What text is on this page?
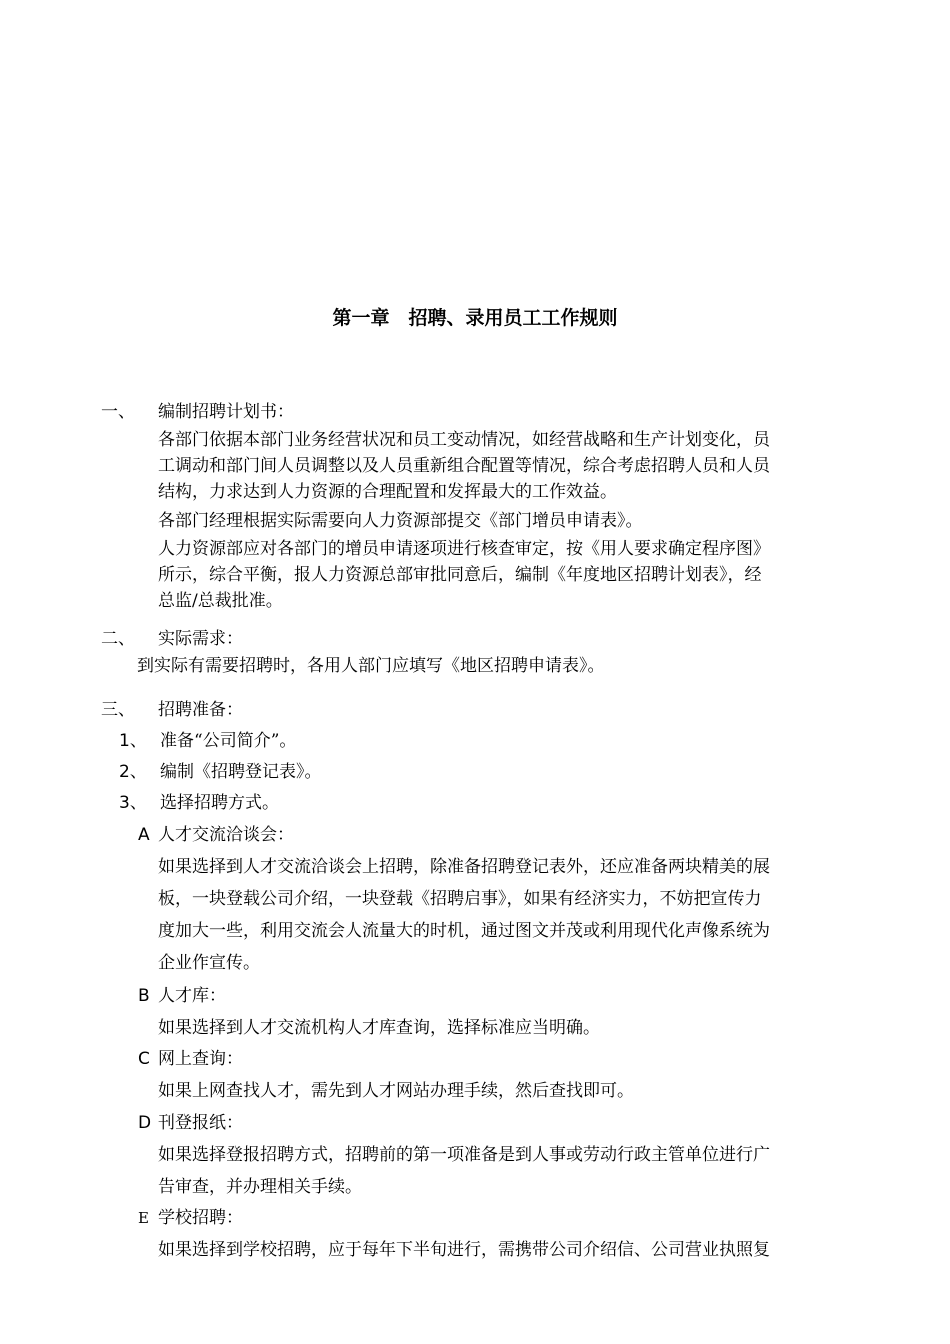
第一章　招聘、录用员工工作规则
一、 编制招聘计划书：

各部门依据本部门业务经营状况和员工变动情况，如经营战略和生产计划变化，员

工调动和部门间人员调整以及人员重新组合配置等情况，综合考虑招聘人员和人员

结构，力求达到人力资源的合理配置和发挥最大的工作效益。

各部门经理根据实际需要向人力资源部提交《部门增员申请表》。

人力资源部应对各部门的增员申请逐项进行核查审定，按《用人要求确定程序图》

所示，综合平衡，报人力资源总部审批同意后，编制《年度地区招聘计划表》，经

总监/总裁批准。

二、 实际需求：
到实际有需要招聘时，各用人部门应填写《地区招聘申请表》。
三、 招聘准备：
1、 准备“公司简介”。
2、 编制《招聘登记表》。
3、 选择招聘方式。
A 人才交流洽谈会：

如果选择到人才交流洽谈会上招聘，除准备招聘登记表外，还应准备两块精美的展

板，一块登载公司介绍，一块登载《招聘启事》，如果有经济实力，不妨把宣传力

度加大一些，利用交流会人流量大的时机，通过图文并茂或利用现代化声像系统为

企业作宣传。

B 人才库：
如果选择到人才交流机构人才库查询，选择标准应当明确。
C 网上查询：
如果上网查找人才，需先到人才网站办理手续，然后查找即可。
D 刊登报纸：

如果选择登报招聘方式，招聘前的第一项准备是到人事或劳动行政主管单位进行广

告审查，并办理相关手续。

E 学校招聘：

如果选择到学校招聘，应于每年下半旬进行，需携带公司介绍信、公司营业执照复
